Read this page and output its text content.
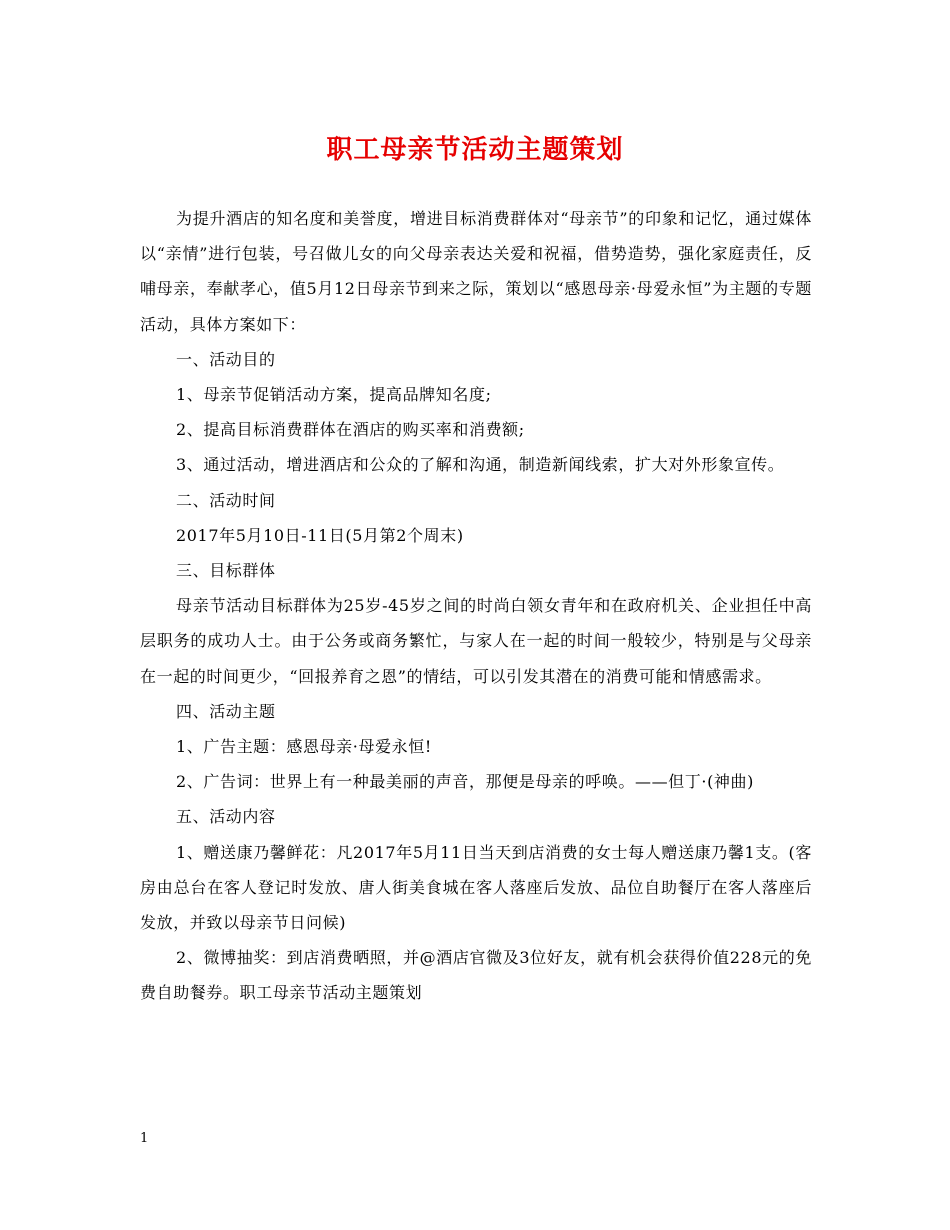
职工母亲节活动主题策划

为提升酒店的知名度和美誉度，增进目标消费群体对“母亲节”的印象和记忆，通过媒体以“亲情”进行包装，号召做儿女的向父母亲表达关爱和祝福，借势造势，强化家庭责任，反哺母亲，奉献孝心，值5月12日母亲节到来之际，策划以“感恩母亲·母爱永恒”为主题的专题活动，具体方案如下：

一、活动目的

1、母亲节促销活动方案，提高品牌知名度;

2、提高目标消费群体在酒店的购买率和消费额;

3、通过活动，增进酒店和公众的了解和沟通，制造新闻线索，扩大对外形象宣传。

二、活动时间

2017年5月10日-11日(5月第2个周末)

三、目标群体

母亲节活动目标群体为25岁-45岁之间的时尚白领女青年和在政府机关、企业担任中高层职务的成功人士。由于公务或商务繁忙，与家人在一起的时间一般较少，特别是与父母亲在一起的时间更少，“回报养育之恩”的情结，可以引发其潜在的消费可能和情感需求。

四、活动主题

1、广告主题：感恩母亲·母爱永恒!

2、广告词：世界上有一种最美丽的声音，那便是母亲的呼唤。——但丁·(神曲)

五、活动内容

1、赠送康乃馨鲜花：凡2017年5月11日当天到店消费的女士每人赠送康乃馨1支。(客房由总台在客人登记时发放、唐人街美食城在客人落座后发放、品位自助餐厅在客人落座后发放，并致以母亲节日问候)

2、微博抽奖：到店消费晒照，并@酒店官微及3位好友，就有机会获得价值228元的免费自助餐券。职工母亲节活动主题策划

1
